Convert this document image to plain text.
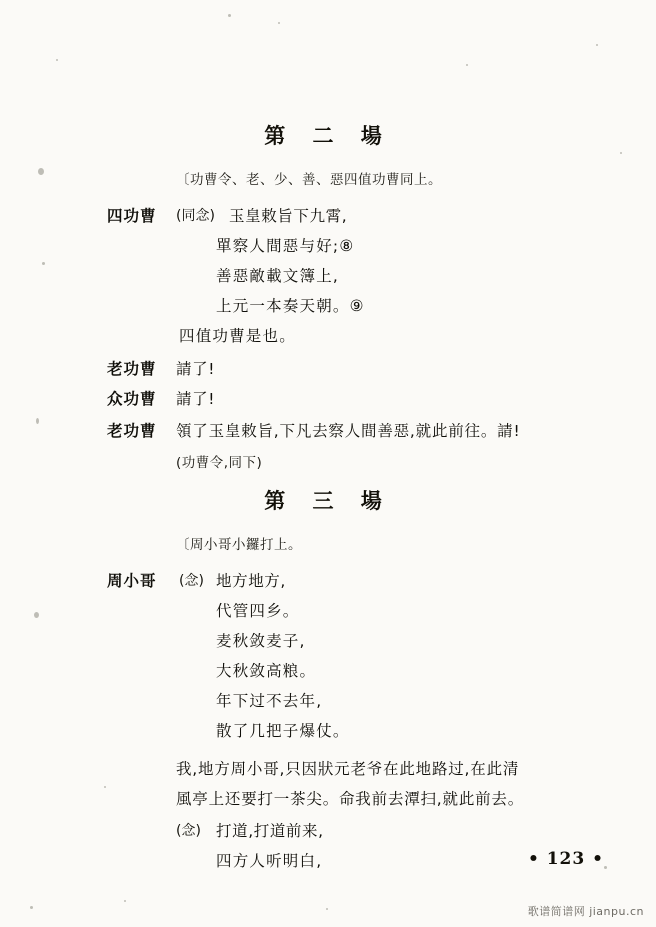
第 二 場
〔功曹令、老、少、善、惡四值功曹同上。
四功曹 (同念) 玉皇敕旨下九霄,
單察人間惡与好;⑧
善惡敵載文簿上,
上元一本奏天朝。⑨
四值功曹是也。
老功曹 請了!
众功曹 請了!
老功曹 領了玉皇敕旨,下凡去察人間善惡,就此前往。請!
(功曹令,同下)
第 三 場
〔周小哥小鑼打上。
周小哥 (念) 地方地方,
代管四乡。
麦秋敛麦子,
大秋敛高粮。
年下过不去年,
散了几把子爆仗。
我,地方周小哥,只因狀元老爷在此地路过,在此清
風亭上还要打一茶尖。命我前去潭扫,就此前去。
(念) 打道,打道前来,
四方人听明白,	• 123 •
歌谱简谱网 jianpu.cn
